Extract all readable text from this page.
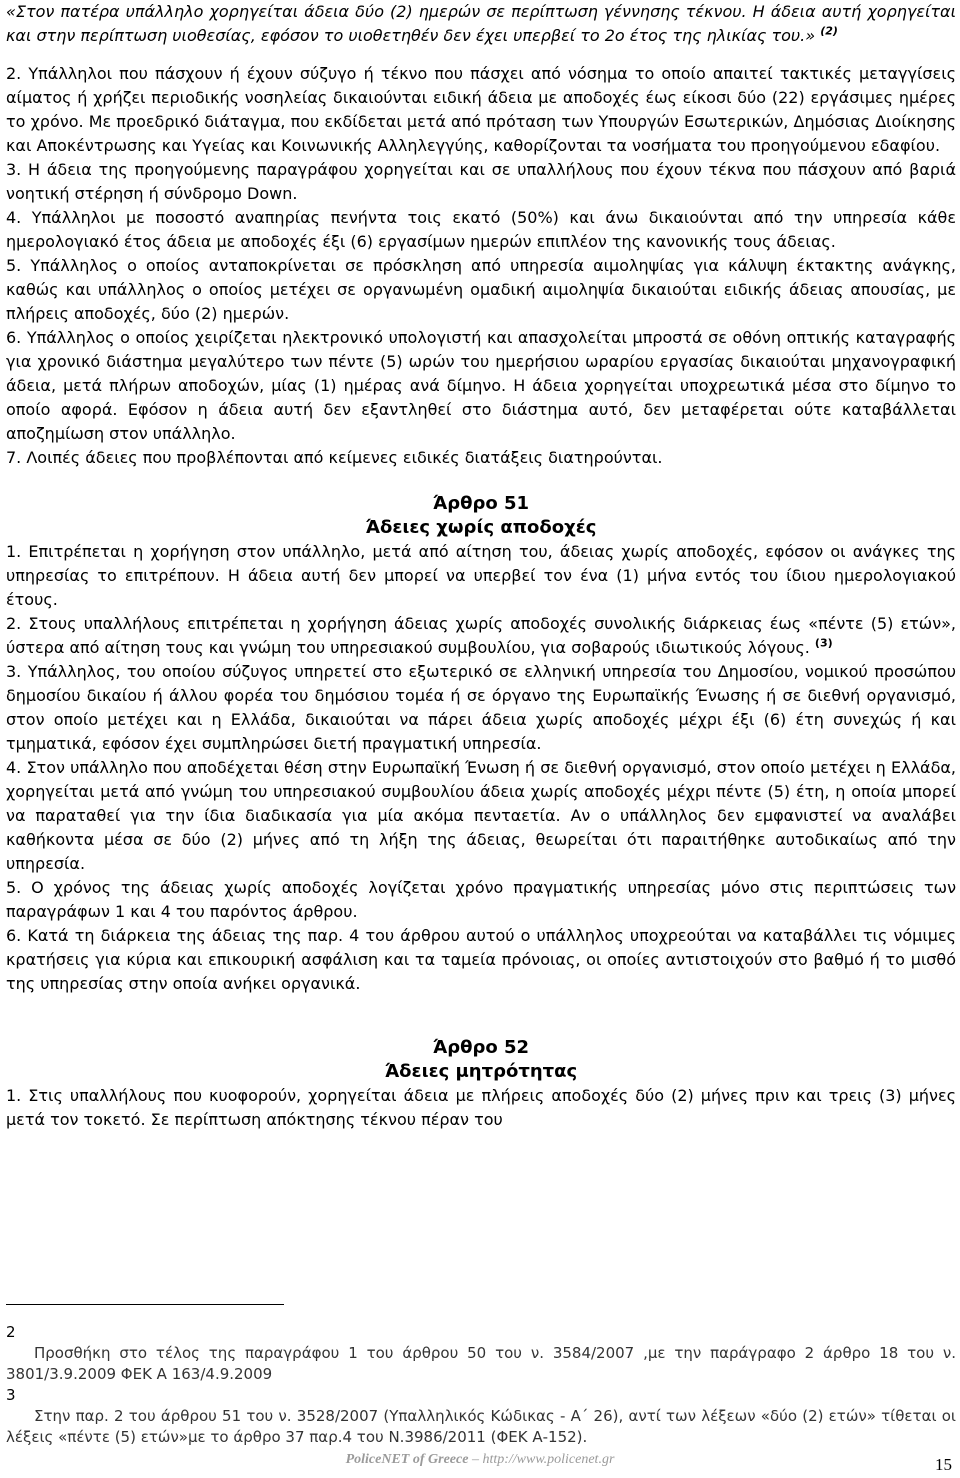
«Στον πατέρα υπάλληλο χορηγείται άδεια δύο (2) ημερών σε περίπτωση γέννησης τέκνου. Η άδεια αυτή χορηγείται και στην περίπτωση υιοθεσίας, εφόσον το υιοθετηθέν δεν έχει υπερβεί το 2ο έτος της ηλικίας του.» $^{(2)}$

2. Υπάλληλοι που πάσχουν ή έχουν σύζυγο ή τέκνο που πάσχει από νόσημα το οποίο απαιτεί τακτικές μεταγγίσεις αίματος ή χρήζει περιοδικής νοσηλείας δικαιούνται ειδική άδεια με αποδοχές έως είκοσι δύο (22) εργάσιμες ημέρες το χρόνο. Με προεδρικό διάταγμα, που εκδίδεται μετά από πρόταση των Υπουργών Εσωτερικών, Δημόσιας Διοίκησης και Αποκέντρωσης και Υγείας και Κοινωνικής Αλληλεγγύης, καθορίζονται τα νοσήματα του προηγούμενου εδαφίου.

3. Η άδεια της προηγούμενης παραγράφου χορηγείται και σε υπαλλήλους που έχουν τέκνα που πάσχουν από βαριά νοητική στέρηση ή σύνδρομο Down.

4. Υπάλληλοι με ποσοστό αναπηρίας πενήντα τοις εκατό (50%) και άνω δικαιούνται από την υπηρεσία κάθε ημερολογιακό έτος άδεια με αποδοχές έξι (6) εργασίμων ημερών επιπλέον της κανονικής τους άδειας.

5. Υπάλληλος ο οποίος ανταποκρίνεται σε πρόσκληση από υπηρεσία αιμοληψίας για κάλυψη έκτακτης ανάγκης, καθώς και υπάλληλος ο οποίος μετέχει σε οργανωμένη ομαδική αιμοληψία δικαιούται ειδικής άδειας απουσίας, με πλήρεις αποδοχές, δύο (2) ημερών.

6. Υπάλληλος ο οποίος χειρίζεται ηλεκτρονικό υπολογιστή και απασχολείται μπροστά σε οθόνη οπτικής καταγραφής για χρονικό διάστημα μεγαλύτερο των πέντε (5) ωρών του ημερήσιου ωραρίου εργασίας δικαιούται μηχανογραφική άδεια, μετά πλήρων αποδοχών, μίας (1) ημέρας ανά δίμηνο. Η άδεια χορηγείται υποχρεωτικά μέσα στο δίμηνο το οποίο αφορά. Εφόσον η άδεια αυτή δεν εξαντληθεί στο διάστημα αυτό, δεν μεταφέρεται ούτε καταβάλλεται αποζημίωση στον υπάλληλο.

7. Λοιπές άδειες που προβλέπονται από κείμενες ειδικές διατάξεις διατηρούνται.

Άρθρο 51

Άδειες χωρίς αποδοχές

1. Επιτρέπεται η χορήγηση στον υπάλληλο, μετά από αίτηση του, άδειας χωρίς αποδοχές, εφόσον οι ανάγκες της υπηρεσίας το επιτρέπουν. Η άδεια αυτή δεν μπορεί να υπερβεί τον ένα (1) μήνα εντός του ίδιου ημερολογιακού έτους.

2. Στους υπαλλήλους επιτρέπεται η χορήγηση άδειας χωρίς αποδοχές συνολικής διάρκειας έως «πέντε (5) ετών», ύστερα από αίτηση τους και γνώμη του υπηρεσιακού συμβουλίου, για σοβαρούς ιδιωτικούς λόγους. $^{(3)}$

3. Υπάλληλος, του οποίου σύζυγος υπηρετεί στο εξωτερικό σε ελληνική υπηρεσία του Δημοσίου, νομικού προσώπου δημοσίου δικαίου ή άλλου φορέα του δημόσιου τομέα ή σε όργανο της Ευρωπαϊκής Ένωσης ή σε διεθνή οργανισμό, στον οποίο μετέχει και η Ελλάδα, δικαιούται να πάρει άδεια χωρίς αποδοχές μέχρι έξι (6) έτη συνεχώς ή και τμηματικά, εφόσον έχει συμπληρώσει διετή πραγματική υπηρεσία.

4. Στον υπάλληλο που αποδέχεται θέση στην Ευρωπαϊκή Ένωση ή σε διεθνή οργανισμό, στον οποίο μετέχει η Ελλάδα, χορηγείται μετά από γνώμη του υπηρεσιακού συμβουλίου άδεια χωρίς αποδοχές μέχρι πέντε (5) έτη, η οποία μπορεί να παραταθεί για την ίδια διαδικασία για μία ακόμα πενταετία. Αν ο υπάλληλος δεν εμφανιστεί να αναλάβει καθήκοντα μέσα σε δύο (2) μήνες από τη λήξη της άδειας, θεωρείται ότι παραιτήθηκε αυτοδικαίως από την υπηρεσία.

5. Ο χρόνος της άδειας χωρίς αποδοχές λογίζεται χρόνο πραγματικής υπηρεσίας μόνο στις περιπτώσεις των παραγράφων 1 και 4 του παρόντος άρθρου.

6. Κατά τη διάρκεια της άδειας της παρ. 4 του άρθρου αυτού ο υπάλληλος υποχρεούται να καταβάλλει τις νόμιμες κρατήσεις για κύρια και επικουρική ασφάλιση και τα ταμεία πρόνοιας, οι οποίες αντιστοιχούν στο βαθμό ή το μισθό της υπηρεσίας στην οποία ανήκει οργανικά.

Άρθρο 52

Άδειες μητρότητας

1. Στις υπαλλήλους που κυοφορούν, χορηγείται άδεια με πλήρεις αποδοχές δύο (2) μήνες πριν και τρεις (3) μήνες μετά τον τοκετό. Σε περίπτωση απόκτησης τέκνου πέραν του

2
Προσθήκη στο τέλος της παραγράφου 1 του άρθρου 50 του ν. 3584/2007 ,με την παράγραφο 2 άρθρο 18 του ν. 3801/3.9.2009 ΦΕΚ Α 163/4.9.2009

3
Στην παρ. 2 του άρθρου 51 του ν. 3528/2007 (Υπαλληλικός Κώδικας - Α΄ 26), αντί των λέξεων «δύο (2) ετών» τίθεται οι λέξεις «πέντε (5) ετών»με το άρθρο 37 παρ.4 του Ν.3986/2011 (ΦΕΚ Α-152).

PoliceNET of Greece – http://www.policenet.gr	15
